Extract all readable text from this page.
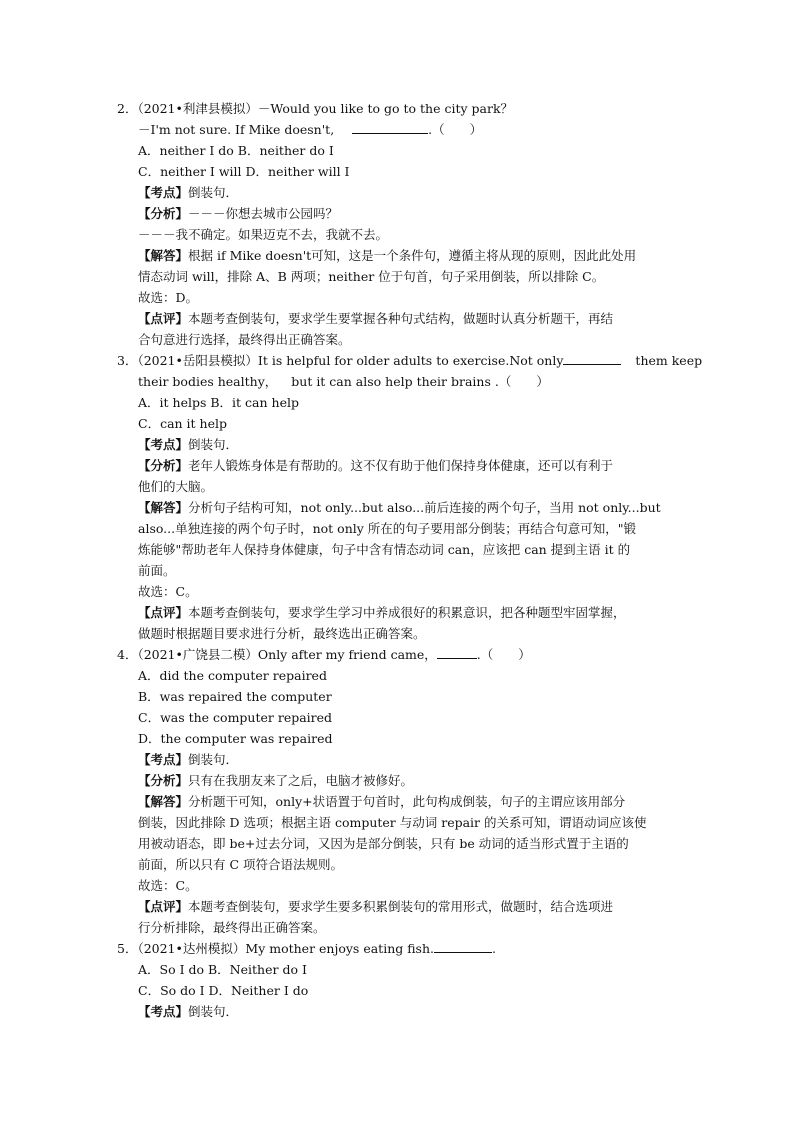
2．（2021•利津县模拟）－Would you like to go to the city park？
－I'm not sure. If Mike doesn't,	.（　　）
A．neither I do B．neither do I
C．neither I will D．neither will I
【考点】倒装句．
【分析】－－－你想去城市公园吗？
－－－我不确定。如果迈克不去，我就不去。
【解答】根据 if Mike doesn't可知，这是一个条件句，遵循主将从现的原则，因此此处用
情态动词 will，排除 A、B 两项；neither 位于句首，句子采用倒装，所以排除 C。
故选：D。
【点评】本题考查倒装句，要求学生要掌握各种句式结构，做题时认真分析题干，再结
合句意进行选择，最终得出正确答案。
3．（2021•岳阳县模拟）It is helpful for older adults to exercise.Not only	them keep
their bodies healthy， but it can also help their brains .（　　）
A．it helps B．it can help
C．can it help
【考点】倒装句．
【分析】老年人锻炼身体是有帮助的。这不仅有助于他们保持身体健康，还可以有利于
他们的大脑。
【解答】分析句子结构可知，not only...but also...前后连接的两个句子，当用 not only...but
also...单独连接的两个句子时，not only 所在的句子要用部分倒装；再结合句意可知，"锻
炼能够"帮助老年人保持身体健康，句子中含有情态动词 can，应该把 can 提到主语 it 的
前面。
故选：C。
【点评】本题考查倒装句，要求学生学习中养成很好的积累意识，把各种题型牢固掌握，
做题时根据题目要求进行分析，最终选出正确答案。
4．（2021•广饶县二模）Only after my friend came，	.（　　）
A．did the computer repaired
B．was repaired the computer
C．was the computer repaired
D．the computer was repaired
【考点】倒装句．
【分析】只有在我朋友来了之后，电脑才被修好。
【解答】分析题干可知，only+状语置于句首时，此句构成倒装，句子的主谓应该用部分
倒装，因此排除 D 选项；根据主语 computer 与动词 repair 的关系可知，谓语动词应该使
用被动语态，即 be+过去分词，又因为是部分倒装，只有 be 动词的适当形式置于主语的
前面，所以只有 C 项符合语法规则。
故选：C。
【点评】本题考查倒装句，要求学生要多积累倒装句的常用形式，做题时，结合选项进
行分析排除，最终得出正确答案。
5．（2021•达州模拟）My mother enjoys eating fish.	.
A．So I do B．Neither do I
C．So do I D．Neither I do
【考点】倒装句．
